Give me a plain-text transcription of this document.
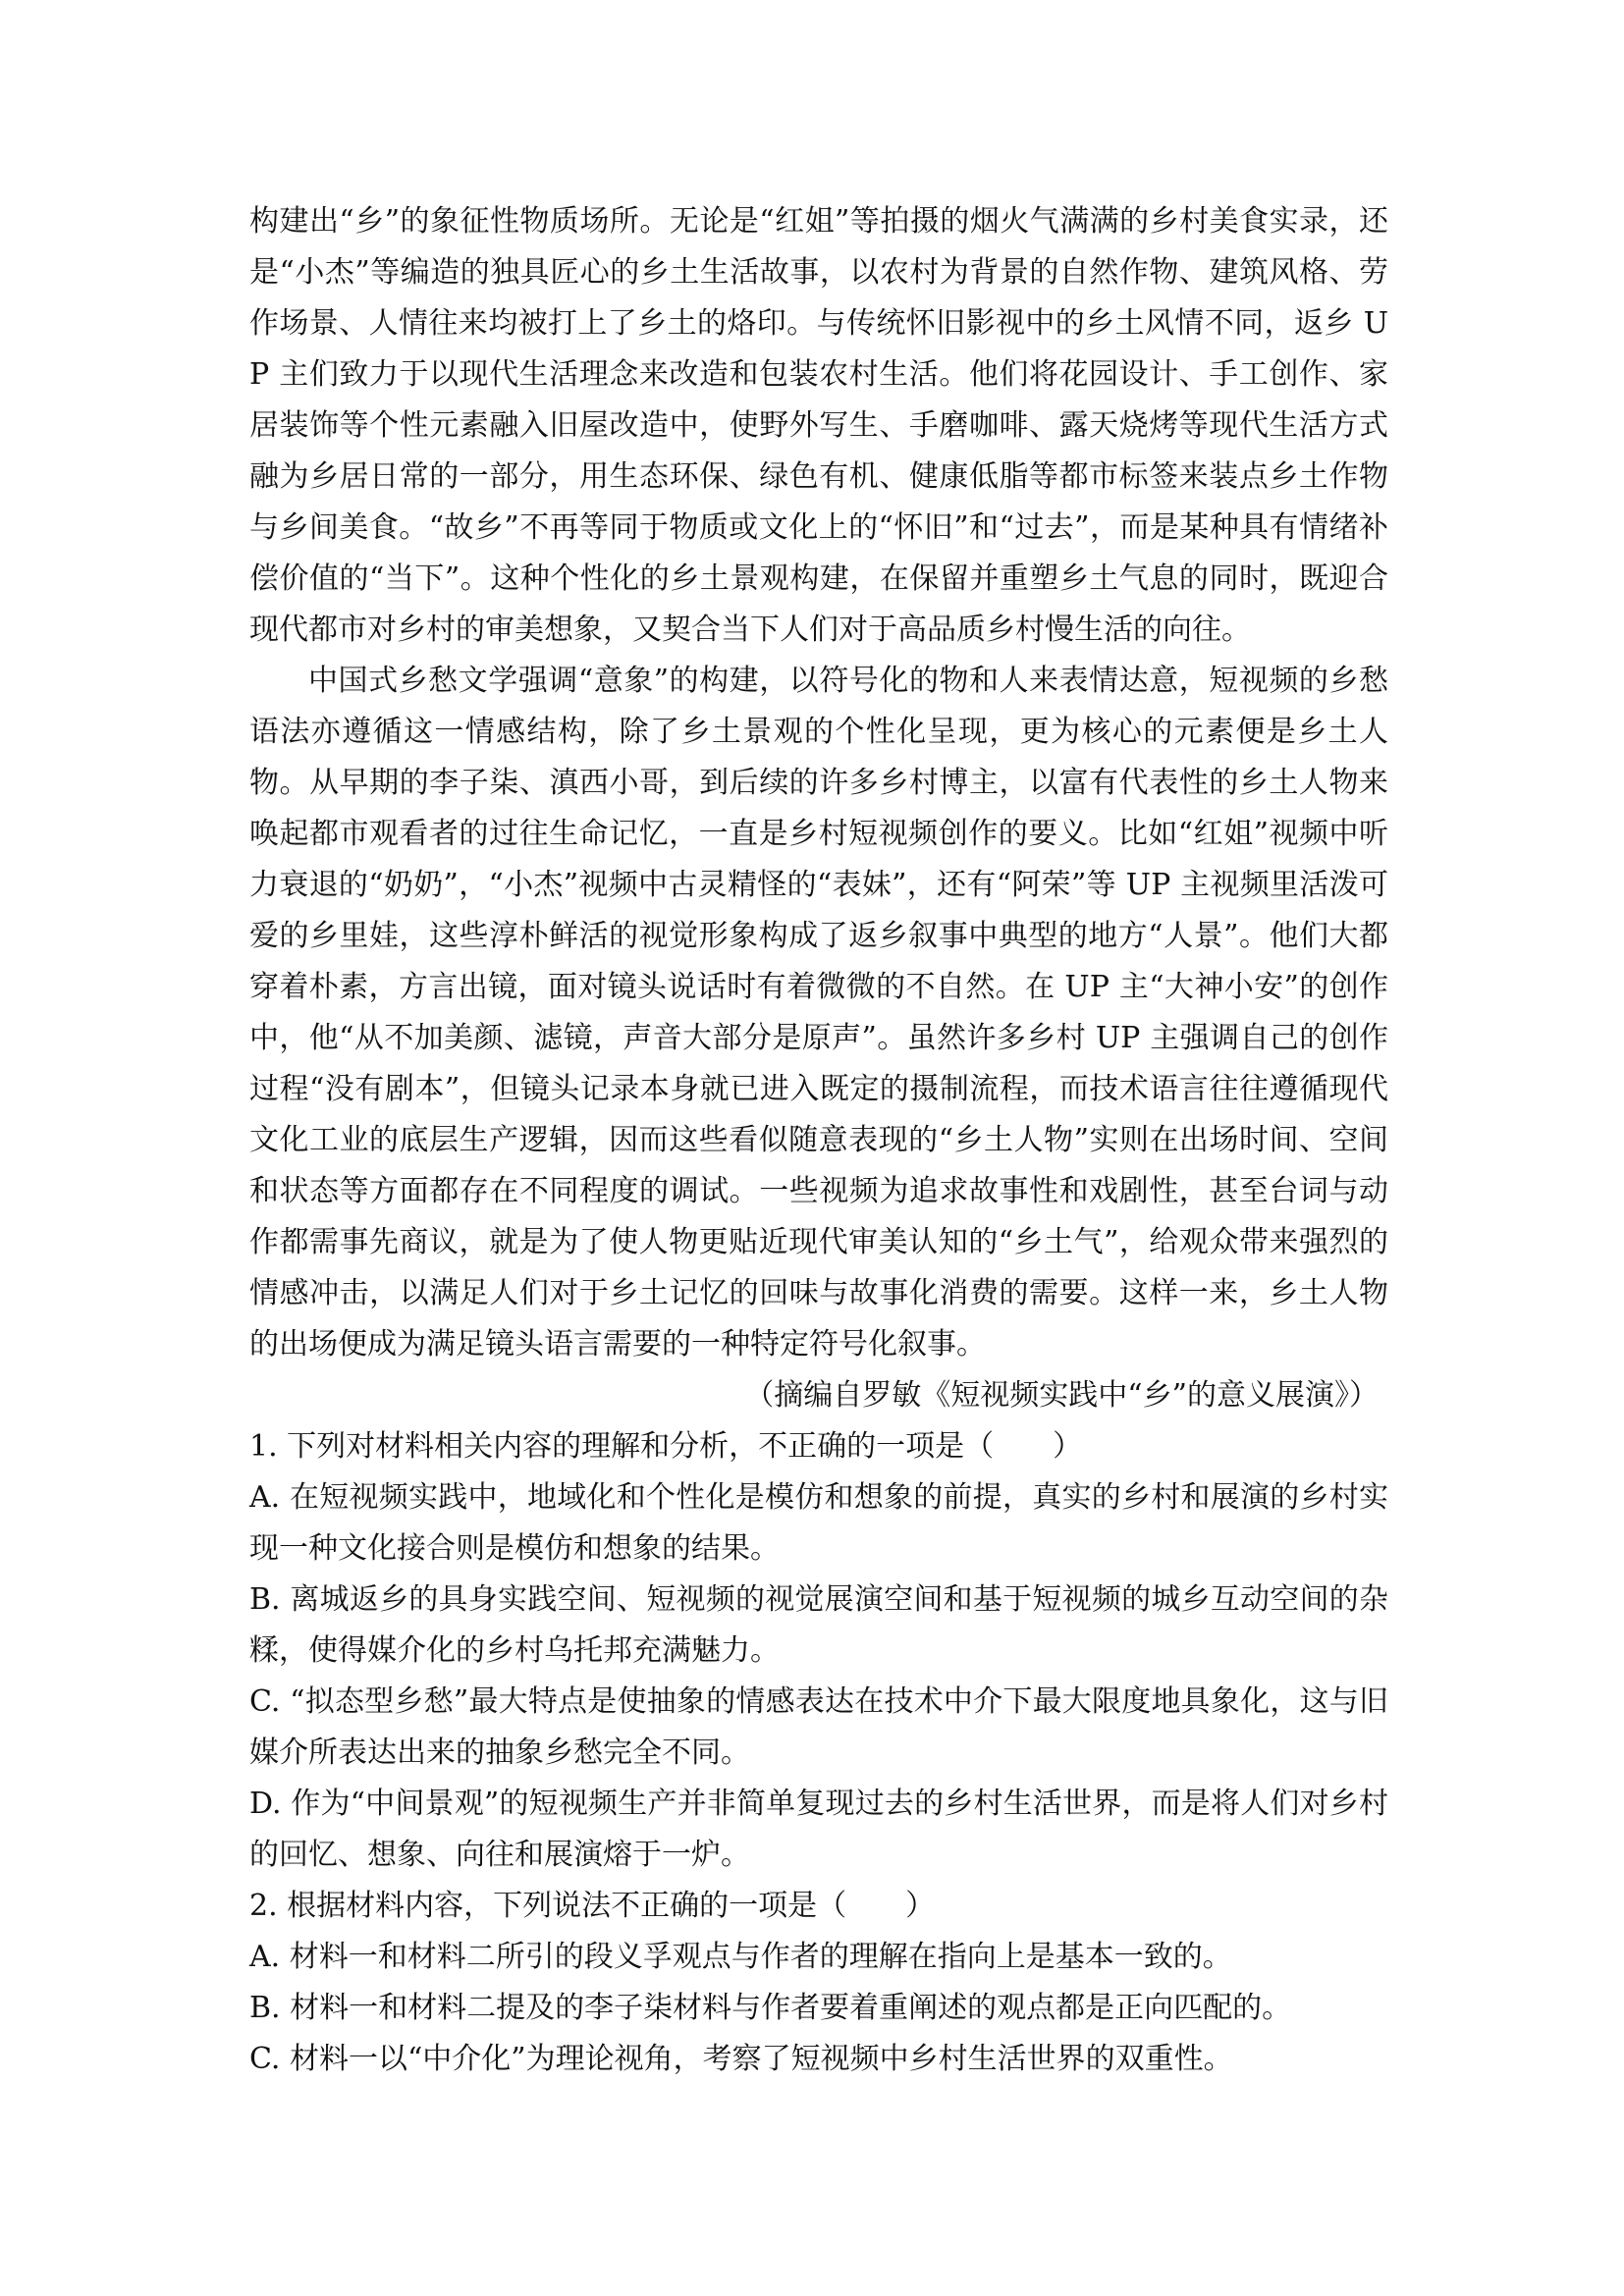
构建出“乡”的象征性物质场所。无论是“红姐”等拍摄的烟火气满满的乡村美食实录，还是“小杰”等编造的独具匠心的乡土生活故事，以农村为背景的自然作物、建筑风格、劳作场景、人情往来均被打上了乡土的烙印。与传统怀旧影视中的乡土风情不同，返乡 UP 主们致力于以现代生活理念来改造和包装农村生活。他们将花园设计、手工创作、家居装饰等个性元素融入旧屋改造中，使野外写生、手磨咖啡、露天烧烤等现代生活方式融为乡居日常的一部分，用生态环保、绿色有机、健康低脂等都市标签来装点乡土作物与乡间美食。“故乡”不再等同于物质或文化上的“怀旧”和“过去”，而是某种具有情绪补偿价值的“当下”。这种个性化的乡土景观构建，在保留并重塑乡土气息的同时，既迎合现代都市对乡村的审美想象，又契合当下人们对于高品质乡村慢生活的向往。

中国式乡愁文学强调“意象”的构建，以符号化的物和人来表情达意，短视频的乡愁语法亦遵循这一情感结构，除了乡土景观的个性化呈现，更为核心的元素便是乡土人物。从早期的李子柒、滇西小哥，到后续的许多乡村博主，以富有代表性的乡土人物来唤起都市观看者的过往生命记忆，一直是乡村短视频创作的要义。比如“红姐”视频中听力衰退的“奶奶”，“小杰”视频中古灵精怪的“表妹”，还有“阿荣”等 UP 主视频里活泼可爱的乡里娃，这些淳朴鲜活的视觉形象构成了返乡叙事中典型的地方“人景”。他们大都穿着朴素，方言出镜，面对镜头说话时有着微微的不自然。在 UP 主“大神小安”的创作中，他“从不加美颜、滤镜，声音大部分是原声”。虽然许多乡村 UP 主强调自己的创作过程“没有剧本”，但镜头记录本身就已进入既定的摄制流程，而技术语言往往遵循现代文化工业的底层生产逻辑，因而这些看似随意表现的“乡土人物”实则在出场时间、空间和状态等方面都存在不同程度的调试。一些视频为追求故事性和戏剧性，甚至台词与动作都需事先商议，就是为了使人物更贴近现代审美认知的“乡土气”，给观众带来强烈的情感冲击，以满足人们对于乡土记忆的回味与故事化消费的需要。这样一来，乡土人物的出场便成为满足镜头语言需要的一种特定符号化叙事。

（摘编自罗敏《短视频实践中“乡”的意义展演》）

1. 下列对材料相关内容的理解和分析，不正确的一项是（　　）

A. 在短视频实践中，地域化和个性化是模仿和想象的前提，真实的乡村和展演的乡村实现一种文化接合则是模仿和想象的结果。

B. 离城返乡的具身实践空间、短视频的视觉展演空间和基于短视频的城乡互动空间的杂糅，使得媒介化的乡村乌托邦充满魅力。

C. “拟态型乡愁”最大特点是使抽象的情感表达在技术中介下最大限度地具象化，这与旧媒介所表达出来的抽象乡愁完全不同。

D. 作为“中间景观”的短视频生产并非简单复现过去的乡村生活世界，而是将人们对乡村的回忆、想象、向往和展演熔于一炉。

2. 根据材料内容，下列说法不正确的一项是（　　）

A. 材料一和材料二所引的段义孚观点与作者的理解在指向上是基本一致的。

B. 材料一和材料二提及的李子柒材料与作者要着重阐述的观点都是正向匹配的。

C. 材料一以“中介化”为理论视角，考察了短视频中乡村生活世界的双重性。
